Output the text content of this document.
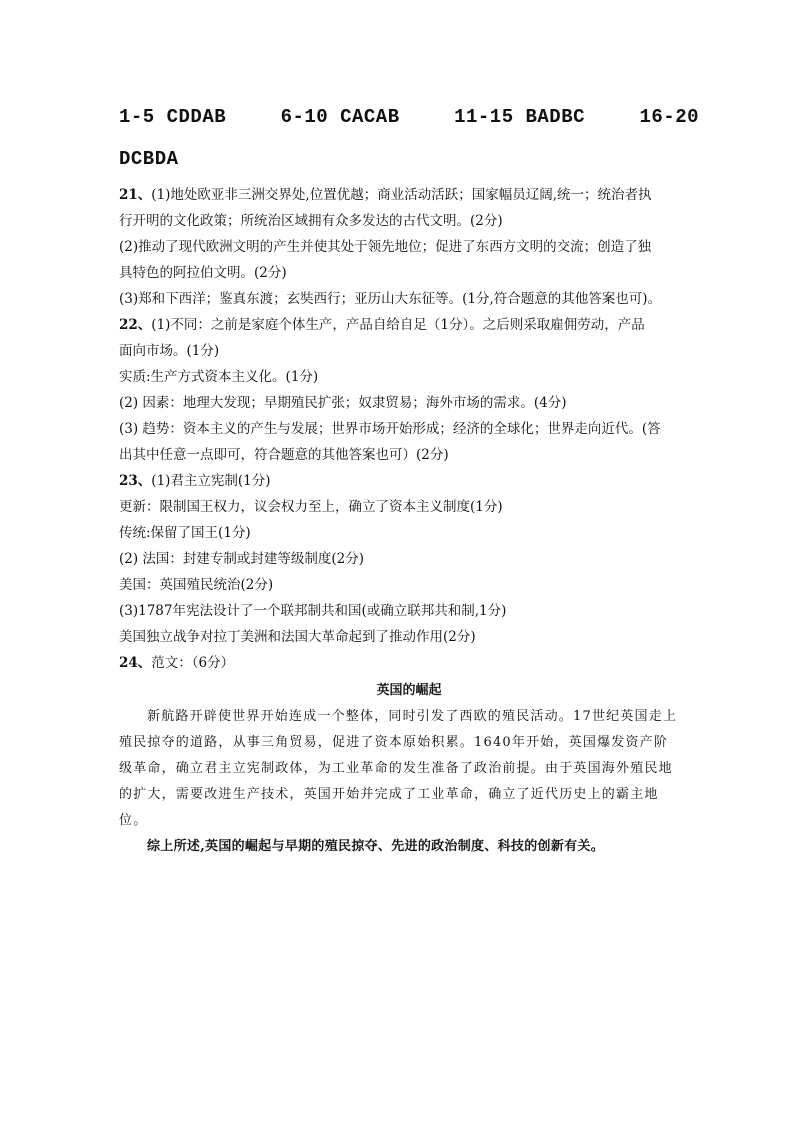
1-5 CDDAB	6-10 CACAB	11-15 BADBC	16-20
DCBDA
21、(1)地处欧亚非三洲交界处,位置优越；商业活动活跃；国家幅员辽阔,统一；统治者执
行开明的文化政策；所统治区域拥有众多发达的古代文明。(2分)
(2)推动了现代欧洲文明的产生并使其处于领先地位；促进了东西方文明的交流；创造了独
具特色的阿拉伯文明。(2分)
(3)郑和下西洋；鉴真东渡；玄奘西行；亚历山大东征等。(1分,符合题意的其他答案也可)。
22、(1)不同：之前是家庭个体生产，产品自给自足（1分）。之后则采取雇佣劳动，产品
面向市场。(1分)
实质:生产方式资本主义化。(1分)
(2) 因素：地理大发现；早期殖民扩张；奴隶贸易；海外市场的需求。(4分)
(3) 趋势：资本主义的产生与发展；世界市场开始形成；经济的全球化；世界走向近代。(答
出其中任意一点即可，符合题意的其他答案也可）(2分)
23、(1)君主立宪制(1分)
更新：限制国王权力，议会权力至上，确立了资本主义制度(1分)
传统:保留了国王(1分)
(2) 法国：封建专制或封建等级制度(2分)
美国：英国殖民统治(2分)
(3)1787年宪法设计了一个联邦制共和国(或确立联邦共和制,1分)
美国独立战争对拉丁美洲和法国大革命起到了推动作用(2分)
24、范文：（6分）
英国的崛起

新航路开辟使世界开始连成一个整体，同时引发了西欧的殖民活动。17世纪英国走上殖民掠夺的道路，从事三角贸易，促进了资本原始积累。1640年开始，英国爆发资产阶级革命，确立君主立宪制政体，为工业革命的发生准备了政治前提。由于英国海外殖民地的扩大，需要改进生产技术，英国开始并完成了工业革命，确立了近代历史上的霸主地位。

综上所述,英国的崛起与早期的殖民掠夺、先进的政治制度、科技的创新有关。
